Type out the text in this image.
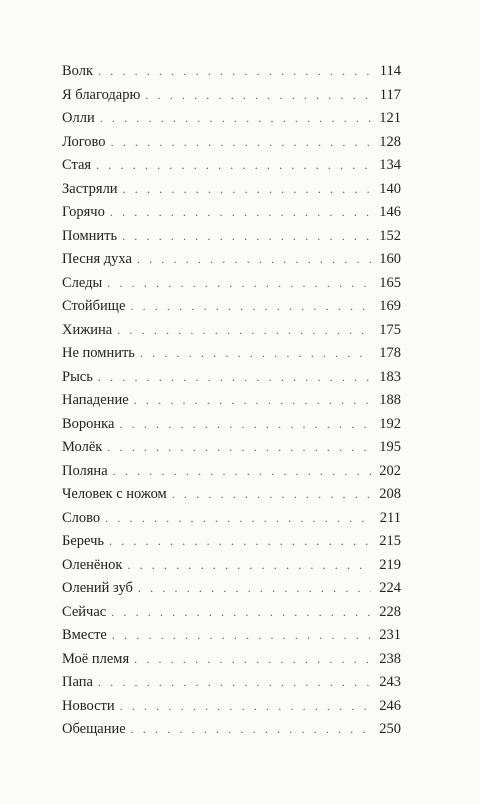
Волк . . .	114
Я благодарю . . .	117
Олли . . .	121
Логово . . .	128
Стая . . .	134
Застряли . . .	140
Горячо . . .	146
Помнить . . .	152
Песня духа . . .	160
Следы . . .	165
Стойбище . . .	169
Хижина . . .	175
Не помнить . . .	178
Рысь . . .	183
Нападение . . .	188
Воронка . . .	192
Молёк . . .	195
Поляна . . .	202
Человек с ножом . . .	208
Слово . . .	211
Беречь . . .	215
Оленёнок . . .	219
Олений зуб . . .	224
Сейчас . . .	228
Вместе . . .	231
Моё племя . . .	238
Папа . . .	243
Новости . . .	246
Обещание . . .	250
